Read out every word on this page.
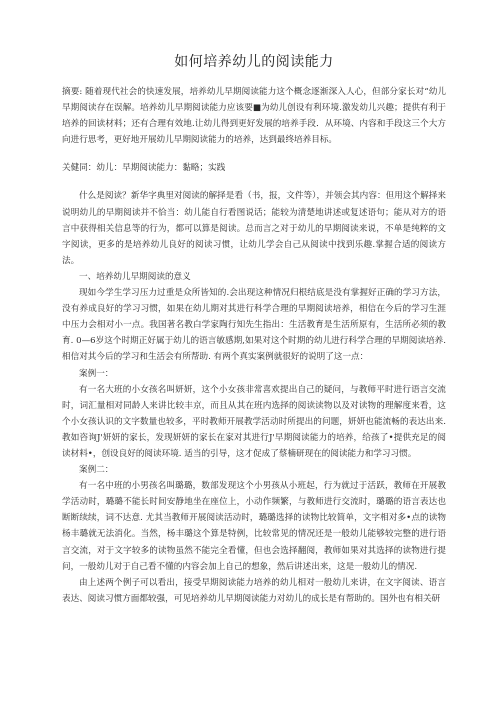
如何培养幼儿的阅读能力

摘要: 随着现代社会的快速发展，培养幼儿早期阅读能力这个概念逐渐深入人心，但部分家长对“幼儿早期阅读存在误解。培养幼儿早期阅读能力应该要■为幼儿创设有利环境.激发幼儿兴趣；提供有利于培养的回读材料；还有合理有效地.让幼儿得到更好发展的培养手段．从环境、内容和手段这三个大方向进行思考，更好地开展幼儿早期阅读能力的培养，达到最终培养目标。

关健同：幼儿：早期阅读能力：黏略；实践

什么是阅读？新华字典里对阅读的解择是看（书，报，文件等），并领会其内容：但用这个解择来说明幼儿的早期阅读并不恰当：幼儿能自行看图说话；能较为清楚地讲述或复述语句；能从对方的语言中获得相关信息等的行为，都可以算是阅读。总而言之对于幼儿的早期阅读来说，不单是纯粹的文字阅读，更多的是培养幼儿良好的阅读习惯，让幼儿学会自己从阅读中找到乐趣.掌握合适的阅读方法。

一、培养幼儿早期阅读的意义

现如今学生学习压力过重是众所皆知的.会出现这种情况归根结底是没有掌握好正确的学习方法，没有养成良好的学习习惯，如果在幼儿期对其进行科学合理的早期阅读培养，相信在今后的学习生涯中压力会相对小一点。我国著名教白学家陶行知先生指出：生活教育是生活所原有，生活所必须的教育. 0—6岁这个时期正好属于幼儿的语言敏感期,如果对这个时期的幼儿进行科学合理的早期阅读培养.相信对其今后的学习和生活会有所帮助. 有两个真实案例就很好的说明了这一点：

案例一：

有一名大班的小女孩名叫妍妍，这个小女孩非常喜欢提出自己的疑问，与教师平时进行语言交流时，词汇量相对同龄人来讲比较丰京，而且从其在班内选择的阅读读物以及对读物的理解度来看，这个小女孩认识的文字数量也较多，平时教师开展教学活动时所提出的问题，妍妍也能流畅的表达出来. 教如咨询J'妍妍的家长，发现妍妍的家长在家对其进行J'早期阅读能力的培养，给孩了•提供充足的阅读材料•，创设良好的阅读环境. 适当的引导，这才促成了蔡楠研现在的阅读能力和学习习惯。

案例二：

有一名中班的小男孩名叫璐璐，数部发现这个小男孩从小班起，行为就过于活跃，教师在开展教学活动时，璐璐不能长时间安静地坐在座位上，小动作频繁，与教师进行交流时，璐璐的语言表达也断断续续，词不达意. 尤其当教师开展阅读活动时，璐璐选择的读物比较简单，文字相对多•点的读物杨丰璐就无法消化。当然，杨丰璐这个算是特例，比较常见的情况还是一般幼儿能够较完整的进行语言交流，对于文字较多的读物虽然不能完全看懂，但也会选择翻阅，教师如果对其选择的读物进行提问，一般幼儿对于自己看不懂的内容会加上自己的想象，然后讲述出来，这是一般幼儿的情况.

由上述两个例子可以看出，接受早期阅读能力培养的幼儿相对一般幼儿来讲，在文字阅读、语言表达、阅读习惯方面都较强，可见培养幼儿早期阅读能力对幼儿的成长是有帮助的。国外也有相关研
